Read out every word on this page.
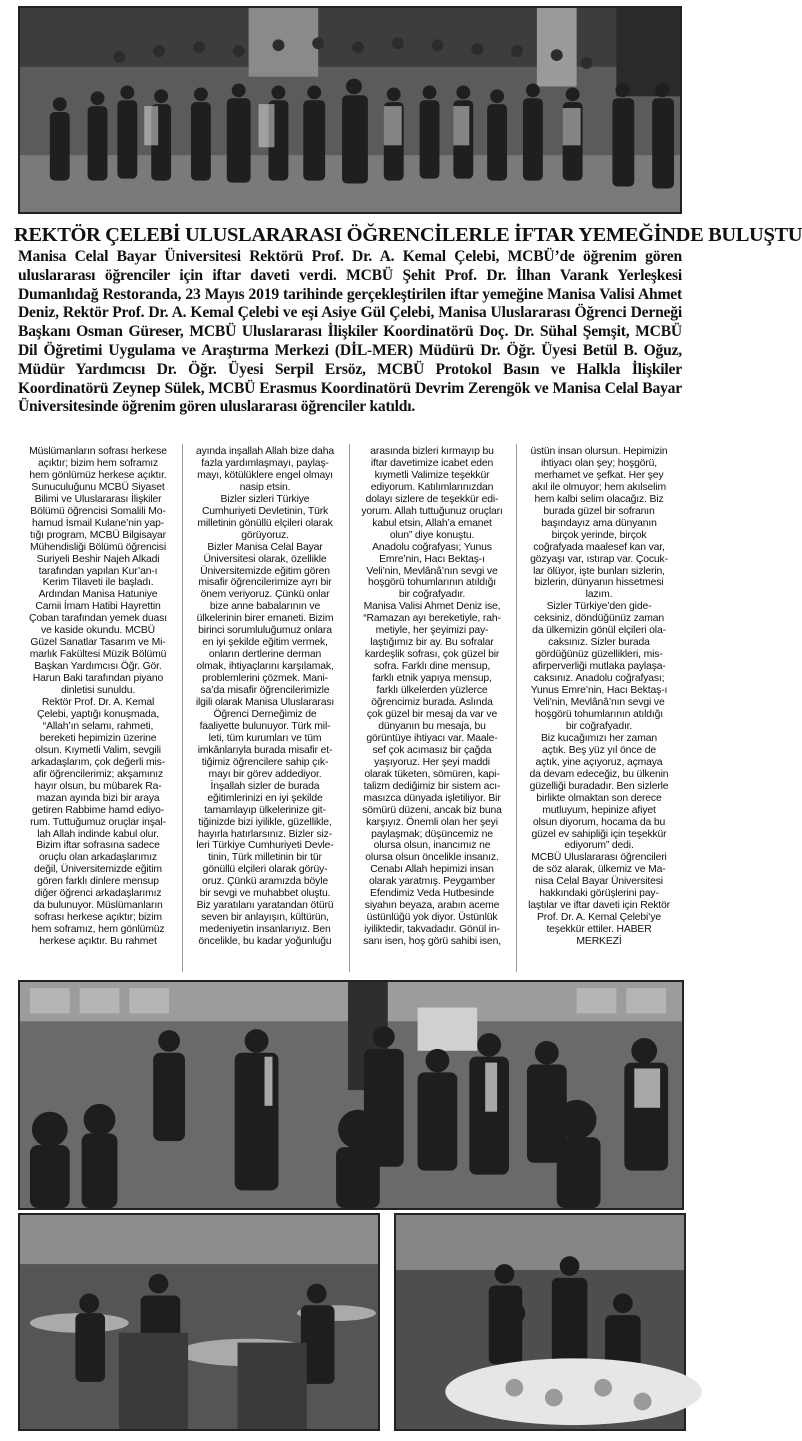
REKTÖR ÇELEBİ ULUSLARARASI ÖĞRENCİLERLE İFTAR YEMEĞİNDE BULUŞTU

Manisa Celal Bayar Üniversitesi Rektörü Prof. Dr. A. Kemal Çelebi, MCBÜ’de öğrenim gören uluslararası öğrenciler için iftar daveti verdi. MCBÜ Şehit Prof. Dr. İlhan Varank Yerleşkesi Dumanlıdağ Restoranda, 23 Mayıs 2019 tarihinde gerçekleştirilen iftar yemeğine Manisa Valisi Ahmet Deniz, Rektör Prof. Dr. A. Kemal Çelebi ve eşi Asiye Gül Çelebi, Manisa Uluslararası Öğrenci Derneği Başkanı Osman Güreser, MCBÜ Uluslararası İlişkiler Koordinatörü Doç. Dr. Sühal Şemşit, MCBÜ Dil Öğretimi Uygulama ve Araştırma Merkezi (DİL-MER) Müdürü Dr. Öğr. Üyesi Betül B. Oğuz, Müdür Yardımcısı Dr. Öğr. Üyesi Serpil Ersöz, MCBÜ Protokol Basın ve Halkla İlişkiler Koordinatörü Zeynep Sülek, MCBÜ Erasmus Koordinatörü Devrim Zerengök ve Manisa Celal Bayar Üniversitesinde öğrenim gören uluslararası öğrenciler katıldı.

Müslümanların sofrası herkese
açıktır; bizim hem soframız
hem gönlümüz herkese açıktır.
Sunuculuğunu MCBÜ Siyaset
Bilimi ve Uluslararası İlişkiler
Bölümü öğrencisi Somalili Mo-
hamud İsmail Kulane’nin yap-
tığı program, MCBÜ Bilgisayar
Mühendisliği Bölümü öğrencisi
Suriyeli Beshir Najeh Alkadi
tarafından yapılan Kur’an-ı
Kerim Tilaveti ile başladı.
Ardından Manisa Hatuniye
Camii İmam Hatibi Hayrettin
Çoban tarafından yemek duası
ve kaside okundu. MCBÜ
Güzel Sanatlar Tasarım ve Mi-
marlık Fakültesi Müzik Bölümü
Başkan Yardımcısı Öğr. Gör.
Harun Baki tarafından piyano
dinletisi sunuldu.
Rektör Prof. Dr. A. Kemal
Çelebi, yaptığı konuşmada,
“Allah’ın selamı, rahmeti,
bereketi hepimizin üzerine
olsun. Kıymetli Valim, sevgili
arkadaşlarım, çok değerli mis-
afir öğrencilerimiz; akşamınız
hayır olsun, bu mübarek Ra-
mazan ayında bizi bir araya
getiren Rabbime hamd ediyo-
rum. Tuttuğumuz oruçlar inşal-
lah Allah indinde kabul olur.
Bizim iftar sofrasına sadece
oruçlu olan arkadaşlarımız
değil, Üniversitemizde eğitim
gören farklı dinlere mensup
diğer öğrenci arkadaşlarımız
da bulunuyor. Müslümanların
sofrası herkese açıktır; bizim
hem soframız, hem gönlümüz
herkese açıktır. Bu rahmet

ayında inşallah Allah bize daha
fazla yardımlaşmayı, paylaş-
mayı, kötülüklere engel olmayı
nasip etsin.
Bizler sizleri Türkiye
Cumhuriyeti Devletinin, Türk
milletinin gönüllü elçileri olarak
görüyoruz.
Bizler Manisa Celal Bayar
Üniversitesi olarak, özellikle
Üniversitemizde eğitim gören
misafir öğrencilerimize ayrı bir
önem veriyoruz. Çünkü onlar
bize anne babalarının ve
ülkelerinin birer emaneti. Bizim
birinci sorumluluğumuz onlara
en iyi şekilde eğitim vermek,
onların dertlerine derman
olmak, ihtiyaçlarını karşılamak,
problemlerini çözmek. Mani-
sa’da misafir öğrencilerimizle
ilgili olarak Manisa Uluslararası
Öğrenci Derneğimiz de
faaliyette bulunuyor. Türk mil-
leti, tüm kurumları ve tüm
imkânlarıyla burada misafir et-
tiğimiz öğrencilere sahip çık-
mayı bir görev addediyor.
İnşallah sizler de burada
eğitimlerinizi en iyi şekilde
tamamlayıp ülkelerinize git-
tiğinizde bizi iyilikle, güzellikle,
hayırla hatırlarsınız. Bizler siz-
leri Türkiye Cumhuriyeti Devle-
tinin, Türk milletinin bir tür
gönüllü elçileri olarak görüy-
oruz. Çünkü aramızda böyle
bir sevgi ve muhabbet oluştu.
Biz yaratılanı yaratandan ötürü
seven bir anlayışın, kültürün,
medeniyetin insanlarıyız. Ben
öncelikle, bu kadar yoğunluğu

arasında bizleri kırmayıp bu
iftar davetimize icabet eden
kıymetli Valimize teşekkür
ediyorum. Katılımlarınızdan
dolayı sizlere de teşekkür edi-
yorum. Allah tuttuğunuz oruçları
kabul etsin, Allah’a emanet
olun” diye konuştu.
Anadolu coğrafyası; Yunus
Emre’nin, Hacı Bektaş-ı
Veli’nin, Mevlânâ’nın sevgi ve
hoşgörü tohumlarının atıldığı
bir coğrafyadır.
Manisa Valisi Ahmet Deniz ise,
“Ramazan ayı bereketiyle, rah-
metiyle, her şeyimizi pay-
laştığımız bir ay. Bu sofralar
kardeşlik sofrası, çok güzel bir
sofra. Farklı dine mensup,
farklı etnik yapıya mensup,
farklı ülkelerden yüzlerce
öğrencimiz burada. Aslında
çok güzel bir mesaj da var ve
dünyanın bu mesaja, bu
görüntüye ihtiyacı var. Maale-
sef çok acımasız bir çağda
yaşıyoruz. Her şeyi maddi
olarak tüketen, sömüren, kapi-
talizm dediğimiz bir sistem acı-
masızca dünyada işletiliyor. Bir
sömürü düzeni, ancak biz buna
karşıyız. Önemli olan her şeyi
paylaşmak; düşüncemiz ne
olursa olsun, inancımız ne
olursa olsun öncelikle insanız.
Cenabı Allah hepimizi insan
olarak yaratmış. Peygamber
Efendimiz Veda Hutbesinde
siyahın beyaza, arabın aceme
üstünlüğü yok diyor. Üstünlük
iyiliktedir, takvadadır. Gönül in-
sanı isen, hoş görü sahibi isen,

üstün insan olursun. Hepimizin
ihtiyacı olan şey; hoşgörü,
merhamet ve şefkat. Her şey
akıl ile olmuyor; hem akılselim
hem kalbi selim olacağız. Biz
burada güzel bir sofranın
başındayız ama dünyanın
birçok yerinde, birçok
coğrafyada maalesef kan var,
gözyaşı var, ıstırap var. Çocuk-
lar ölüyor, işte bunları sizlerin,
bizlerin, dünyanın hissetmesi
lazım.
Sizler Türkiye’den gide-
ceksiniz, döndüğünüz zaman
da ülkemizin gönül elçileri ola-
caksınız. Sizler burada
gördüğünüz güzellikleri, mis-
afirperverliği mutlaka paylaşa-
caksınız. Anadolu coğrafyası;
Yunus Emre’nin, Hacı Bektaş-ı
Veli’nin, Mevlânâ’nın sevgi ve
hoşgörü tohumlarının atıldığı
bir coğrafyadır.
Biz kucağımızı her zaman
açtık. Beş yüz yıl önce de
açtık, yine açıyoruz, açmaya
da devam edeceğiz, bu ülkenin
güzelliği buradadır. Ben sizlerle
birlikte olmaktan son derece
mutluyum, hepinize afiyet
olsun diyorum, hocama da bu
güzel ev sahipliği için teşekkür
ediyorum” dedi.
MCBÜ Uluslararası öğrencileri
de söz alarak, ülkemiz ve Ma-
nisa Celal Bayar Üniversitesi
hakkındaki görüşlerini pay-
laştılar ve iftar daveti için Rektör
Prof. Dr. A. Kemal Çelebi’ye
teşekkür ettiler. HABER
MERKEZİ
